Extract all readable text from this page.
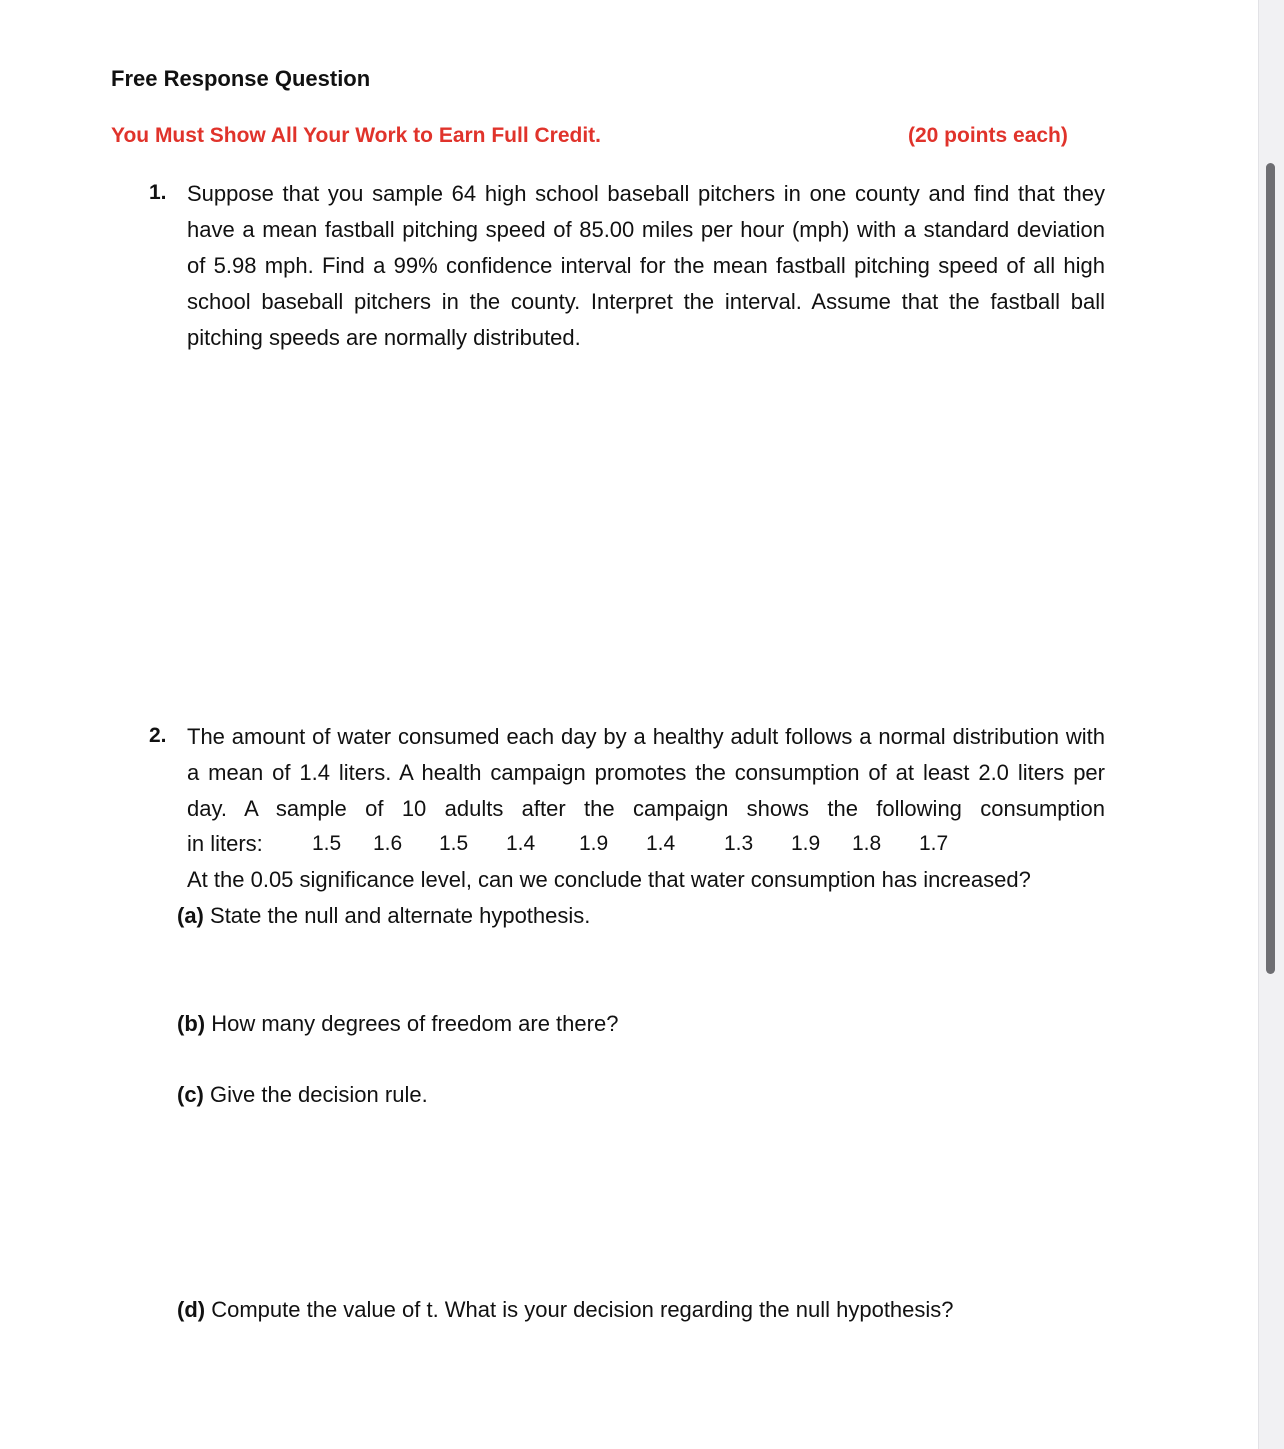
Free Response Question
You Must Show All Your Work to Earn Full Credit.	(20 points each)
1. Suppose that you sample 64 high school baseball pitchers in one county and find that they have a mean fastball pitching speed of 85.00 miles per hour (mph) with a standard deviation of 5.98 mph. Find a 99% confidence interval for the mean fastball pitching speed of all high school baseball pitchers in the county. Interpret the interval. Assume that the fastball ball pitching speeds are normally distributed.
2. The amount of water consumed each day by a healthy adult follows a normal distribution with a mean of 1.4 liters. A health campaign promotes the consumption of at least 2.0 liters per day. A sample of 10 adults after the campaign shows the following consumption
in liters: 1.5 1.6 1.5 1.4 1.9 1.4 1.3 1.9 1.8 1.7
At the 0.05 significance level, can we conclude that water consumption has increased?
(a) State the null and alternate hypothesis.
(b) How many degrees of freedom are there?
(c) Give the decision rule.
(d) Compute the value of t. What is your decision regarding the null hypothesis?
